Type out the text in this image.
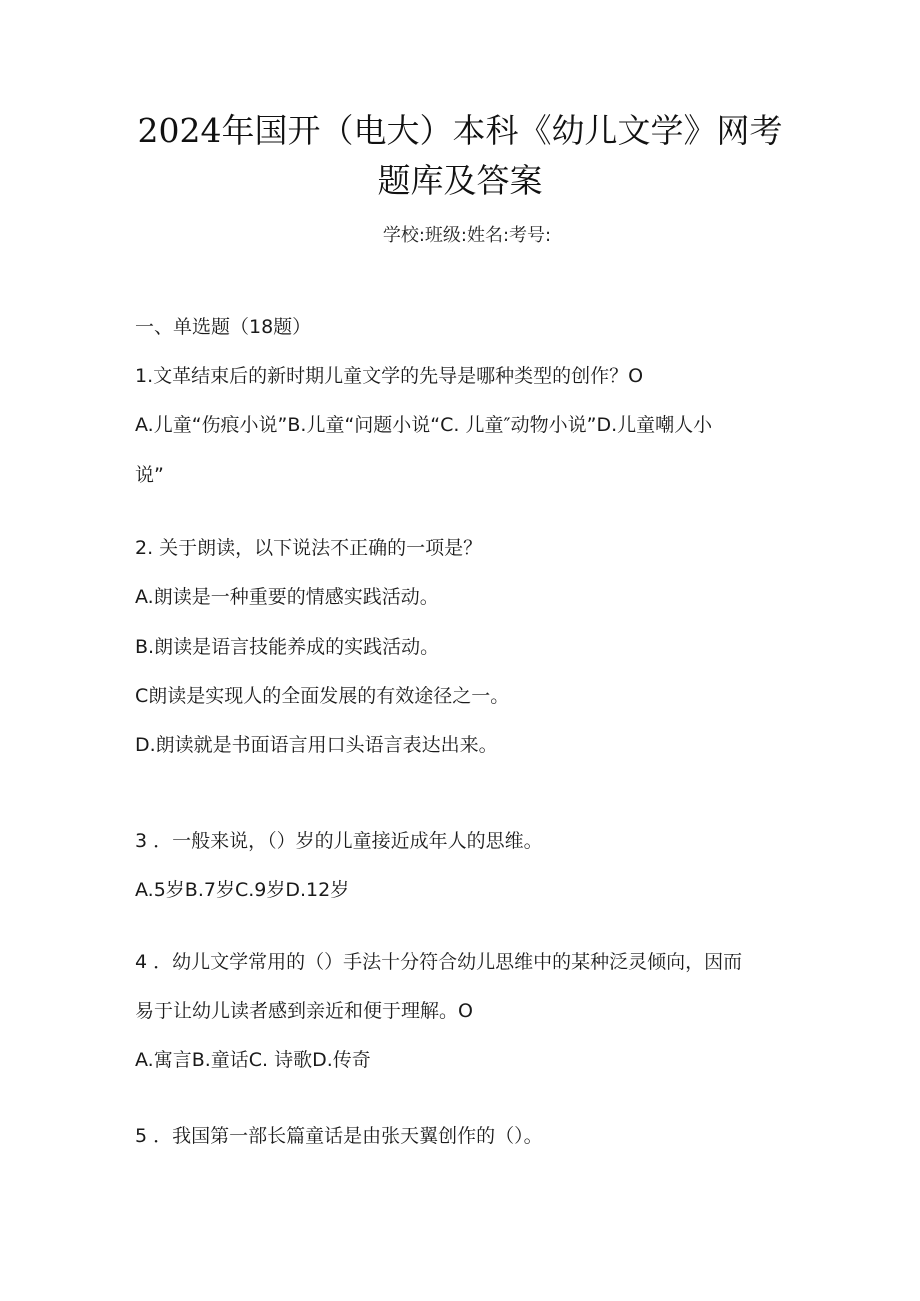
2024年国开（电大）本科《幼儿文学》网考
题库及答案
学校:班级:姓名:考号:
一、单选题（18题）
1.文革结束后的新时期儿童文学的先导是哪种类型的创作？O
A.儿童“伤痕小说”B.儿童“问题小说“C. 儿童″动物小说”D.儿童嘲人小
说”
2. 关于朗读，以下说法不正确的一项是？
A.朗读是一种重要的情感实践活动。
B.朗读是语言技能养成的实践活动。
C朗读是实现人的全面发展的有效途径之一。
D.朗读就是书面语言用口头语言表达出来。
3 ．一般来说，（）岁的儿童接近成年人的思维。
A.5岁B.7岁C.9岁D.12岁
4 ．幼儿文学常用的（）手法十分符合幼儿思维中的某种泛灵倾向，因而
易于让幼儿读者感到亲近和便于理解。O
A.寓言B.童话C. 诗歌D.传奇
5 ．我国第一部长篇童话是由张天翼创作的（）。
